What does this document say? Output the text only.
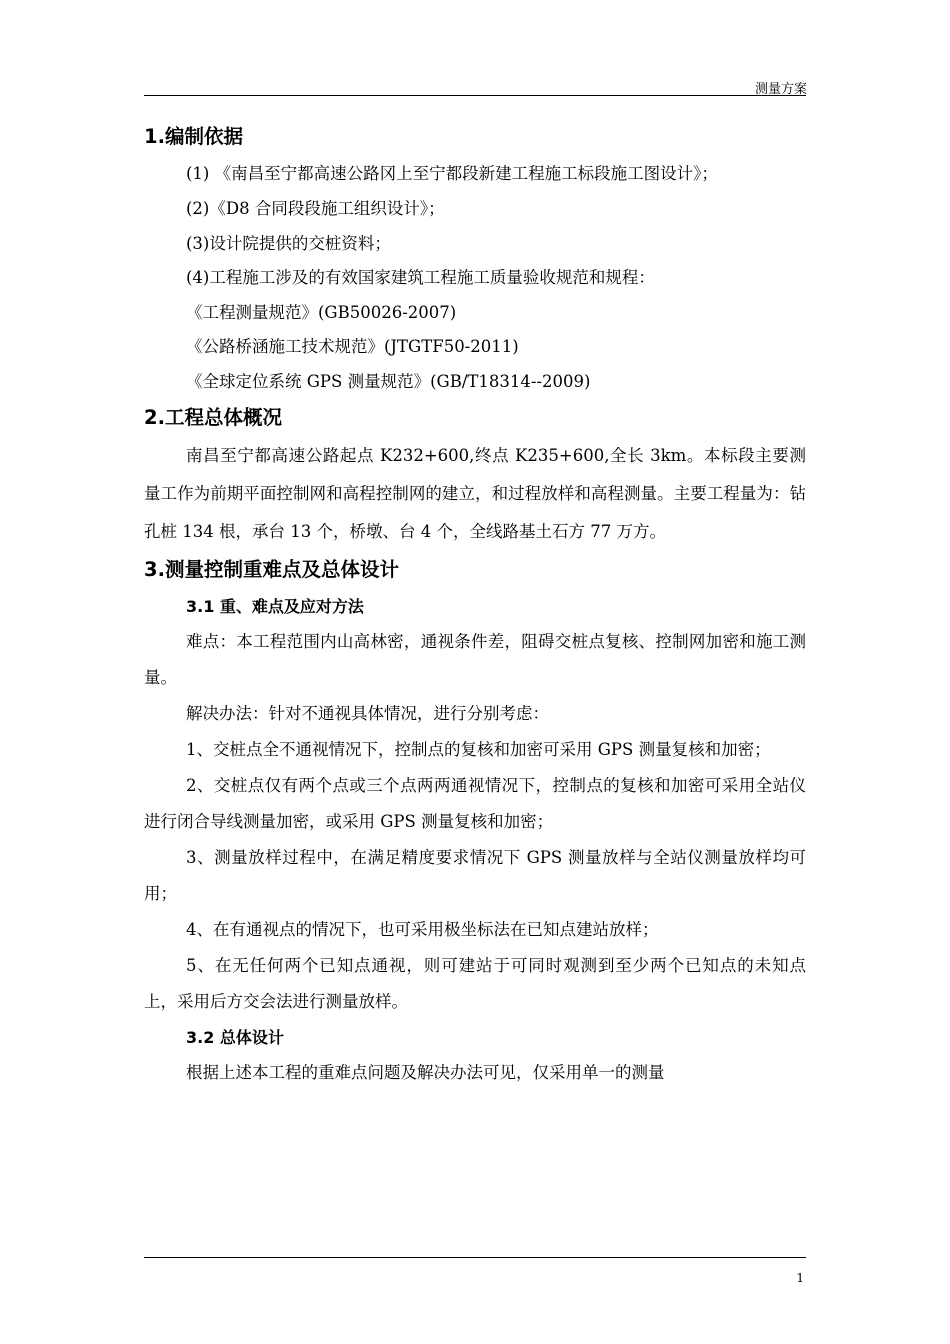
测量方案
1.编制依据

(1) 《南昌至宁都高速公路冈上至宁都段新建工程施工标段施工图设计》；

(2)《D8 合同段段施工组织设计》；

(3)设计院提供的交桩资料；

(4)工程施工涉及的有效国家建筑工程施工质量验收规范和规程：

《工程测量规范》(GB50026-2007)

《公路桥涵施工技术规范》(JTGTF50-2011)

《全球定位系统 GPS 测量规范》(GB/T18314--2009)

2.工程总体概况

南昌至宁都高速公路起点 K232+600,终点 K235+600,全长 3km。本标段主要测量工作为前期平面控制网和高程控制网的建立，和过程放样和高程测量。主要工程量为：钻孔桩 134 根，承台 13 个，桥墩、台 4 个，全线路基土石方 77 万方。

3.测量控制重难点及总体设计
3.1 重、难点及应对方法

难点：本工程范围内山高林密，通视条件差，阻碍交桩点复核、控制网加密和施工测量。

解决办法：针对不通视具体情况，进行分别考虑：

1、交桩点全不通视情况下，控制点的复核和加密可采用 GPS 测量复核和加密；

2、交桩点仅有两个点或三个点两两通视情况下，控制点的复核和加密可采用全站仪进行闭合导线测量加密，或采用 GPS 测量复核和加密；

3、测量放样过程中，在满足精度要求情况下 GPS 测量放样与全站仪测量放样均可用；

4、在有通视点的情况下，也可采用极坐标法在已知点建站放样；

5、在无任何两个已知点通视，则可建站于可同时观测到至少两个已知点的未知点上，采用后方交会法进行测量放样。

3.2 总体设计

根据上述本工程的重难点问题及解决办法可见，仅采用单一的测量

1
